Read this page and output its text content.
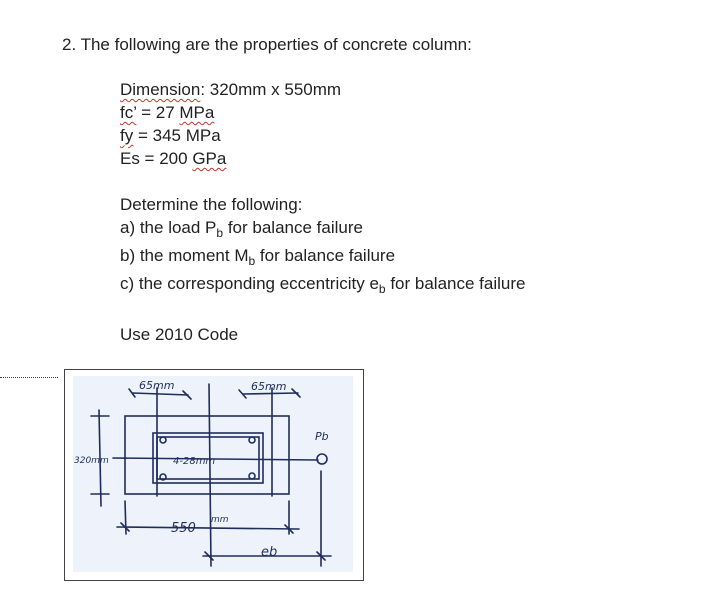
2. The following are the properties of concrete column:
Dimension: 320mm x 550mm
fc’ = 27 MPa
fy = 345 MPa
Es = 200 GPa
Determine the following:
a) the load $P_b$ for balance failure
b) the moment $M_b$ for balance failure
c) the corresponding eccentricity $e_b$ for balance failure
Use 2010 Code
65mm	65mm
320mm	4-28mm
550
mm
Pb
eb
